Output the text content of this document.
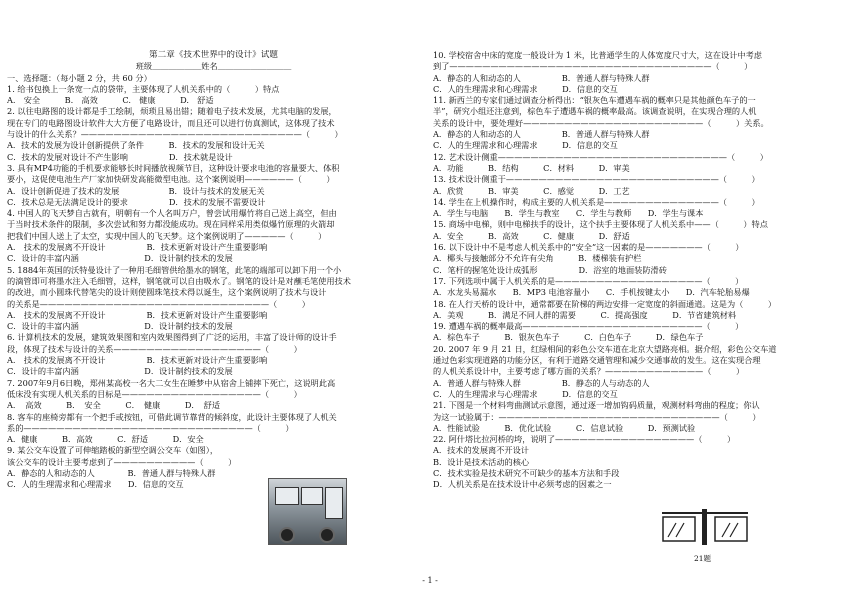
第二章《技术世界中的设计》试题
班级＿＿＿＿＿＿姓名＿＿＿＿＿＿＿＿＿
一、选择题：（每小题 2 分，共 60 分）
1. 给书包换上一条宽一点的袋带，主要体现了人机关系中的（　　　）特点
A.　安全　　　B.　高效　　　C.　健康　　　D.　舒适
2. 以往电路图的设计都是手工绘制，烦琐且易出错；随着电子技术发展，尤其电脑的发展，
现在专门的电路图设计软件大大方便了电路设计，而且还可以进行仿真测试，这体现了技术
与设计的什么关系？———————————————————————————（　　　）
A．技术的发展为设计创新提供了条件　　　B．技术的发展和设计无关
C．技术的发展对设计不产生影响　　　　　D．技术就是设计
3. 具有MP4功能的手机要求能够长时间播放视频节目，这种设计要求电池的容量要大、体积
要小，这促使电池生产厂家加快研发高能微型电池。这个案例说明——————（　　　）
A．设计创新促进了技术的发展　　　　　　B．设计与技术的发展无关
C．技术总是无法满足设计的要求　　　　　D．技术的发展不需要设计
4. 中国人的飞天梦自古就有，明朝有一个人名叫万户，曾尝试用爆竹将自己送上高空，但由
于当时技术条件的限制，多次尝试和努力都没能成功。现在同样采用类似爆竹原理的火箭却
把我们中国人送上了太空，实现中国人的飞天梦。这个案例说明了—————（　　　）
A.　技术的发展离不开设计　　　　　B．技术更新对设计产生重要影响
C．设计的丰富内涵　　　　　　　　D．设计制约技术的发展
5. 1884年英国的沃特曼设计了一种用毛细管供给墨水的钢笔，此笔的端部可以卸下用一个小
的滴管即可将墨水注入毛细管，这样，钢笔就可以自由吸水了。钢笔的设计是对蘸毛笔使用技术
的改进，而小圆珠代替笔尖的设计则使圆珠笔技术得以诞生，这个案例说明了技术与设计
的关系是————————————————————————————（　　　）
A.　技术的发展离不开设计　　　　　B．技术更新对设计产生重要影响
C．设计的丰富内涵　　　　　　　　D．设计制约技术的发展
6. 计算机技术的发展，建筑效果图和室内效果图得到了广泛的运用，丰富了设计师的设计手
段，体现了技术与设计的关系——————————————————（　　　）
A.　技术的发展离不开设计　　　　　B．技术更新对设计产生重要影响
C．设计的丰富内涵　　　　　　　　D．设计制约技术的发展
7. 2007年9月6日晚，郑州某高校一名大二女生在睡梦中从宿舍上铺摔下死亡，这说明此高
低床没有实现人机关系的目标是—————————————————（　　　）
A．　高效　　　B．　安全　　　C．　健康　　　D．　舒适
8. 客车的座椅旁都有一个把手或按钮，可借此调节靠背的倾斜度，此设计主要体现了人机关
系的————————————————————————————（　　　）
A．健康　　　B．高效　　　C．舒适　　　D．安全
9. 某公交车设置了可伸缩踏板的新型空调公交车（如图），
该公交车的设计主要考虑到了——————————（　　　）
A．静态的人和动态的人　　　　B．普通人群与特殊人群
C．人的生理需求和心理需求　　D．信息的交互
10. 学校宿舍中床的宽度一般设计为 1 米，比普通学生的人体宽度尺寸大，这在设计中考虑
到了————————————————————————————————（　　　）
A．静态的人和动态的人　　　　　B．普通人群与特殊人群
C．人的生理需求和心理需求　　　D．信息的交互
11. 新西兰的专家们通过调查分析得出：“银灰色车遭遇车祸的概率只是其他颜色车子的一
半”，研究小组还注意到，棕色车子遭遇车祸的概率最高。该调查说明，在实现合理的人机
关系的设计中，要处理好——————————————————————（　　　）关系。
A．静态的人和动态的人　　　　　B．普通人群与特殊人群
C．人的生理需求和心理需求　　　D．信息的交互
12. 艺术设计侧重————————————————————————————（　　　）
A．功能　　　B．结构　　　C．材料　　　D．审美
13. 技术设计侧重于——————————————————————————（　　　）
A．欣赏　　　B．审美　　　C．感觉　　　D．工艺
14. 学生在上机操作时，构成主要的人机关系是——————————————（　　　）
A．学生与电脑　　B．学生与教室　　C．学生与教师　　D．学生与课本
15. 商场中电梯，则中电梯扶手的设计，这个扶手主要体现了人机关系中——（　　　）特点
A．安全　　　B．高效　　　C．健康　　　D．舒适
16. 以下设计中不是考虑人机关系中的“安全”这一因素的是———————（　　　）
A．椰头与接触部分不允许有尖角　　　B．楼梯装有护栏
C．笔杆的握笔处设计成弧形　　　　　D．浴室的地面装防滑砖
17. 下列选项中属于人机关系的是——————————————————（　　　）
A．水龙头易漏水　　B．MP3 电池容量小　　C．手机按键太小　　D．汽车轮胎易爆
18. 在人行天桥的设计中，通常都要在阶梯的两边安排一定宽度的斜面通道。这是为（　　　）
A．美观　　　B．满足不同人群的需要　　　C．提高强度　　　D．节省建筑材料
19. 遭遇车祸的概率最高——————————————————————（　　　）
A．棕色车子　　　B．银灰色车子　　　C．白色车子　　　D．绿色车子
20. 2007 年 9 月 21 日，红绿相间的彩色公交车道在北京大望路亮相。据介绍，彩色公交车道
通过色彩实现道路的功能分区，有利于道路交通管理和减少交通事故的发生。这在实现合理
的人机关系设计中，主要考虑了哪方面的关系？————————————（　　　）
A．普通人群与特殊人群　　　　　B．静态的人与动态的人
C．人的生理需求与心理需求　　　D．信息的交互
21. 下图是一个材料弯曲测试示意图，通过逐一增加钩码质量，观测材料弯曲的程度；你认
为这一试验属于：———————————————————————————（　　　）
A．性能试验　　　B．优化试验　　　C．信息试验　　　D．预测试验
22. 阿什塔比拉河桥的垮，说明了—————————————————（　　　）
A．技术的发展离不开设计
B．设计是技术活动的核心
C．技术实验是技术研究不可缺少的基本方法和手段
D．人机关系是在技术设计中必须考虑的因素之一
21题
- 1 -
